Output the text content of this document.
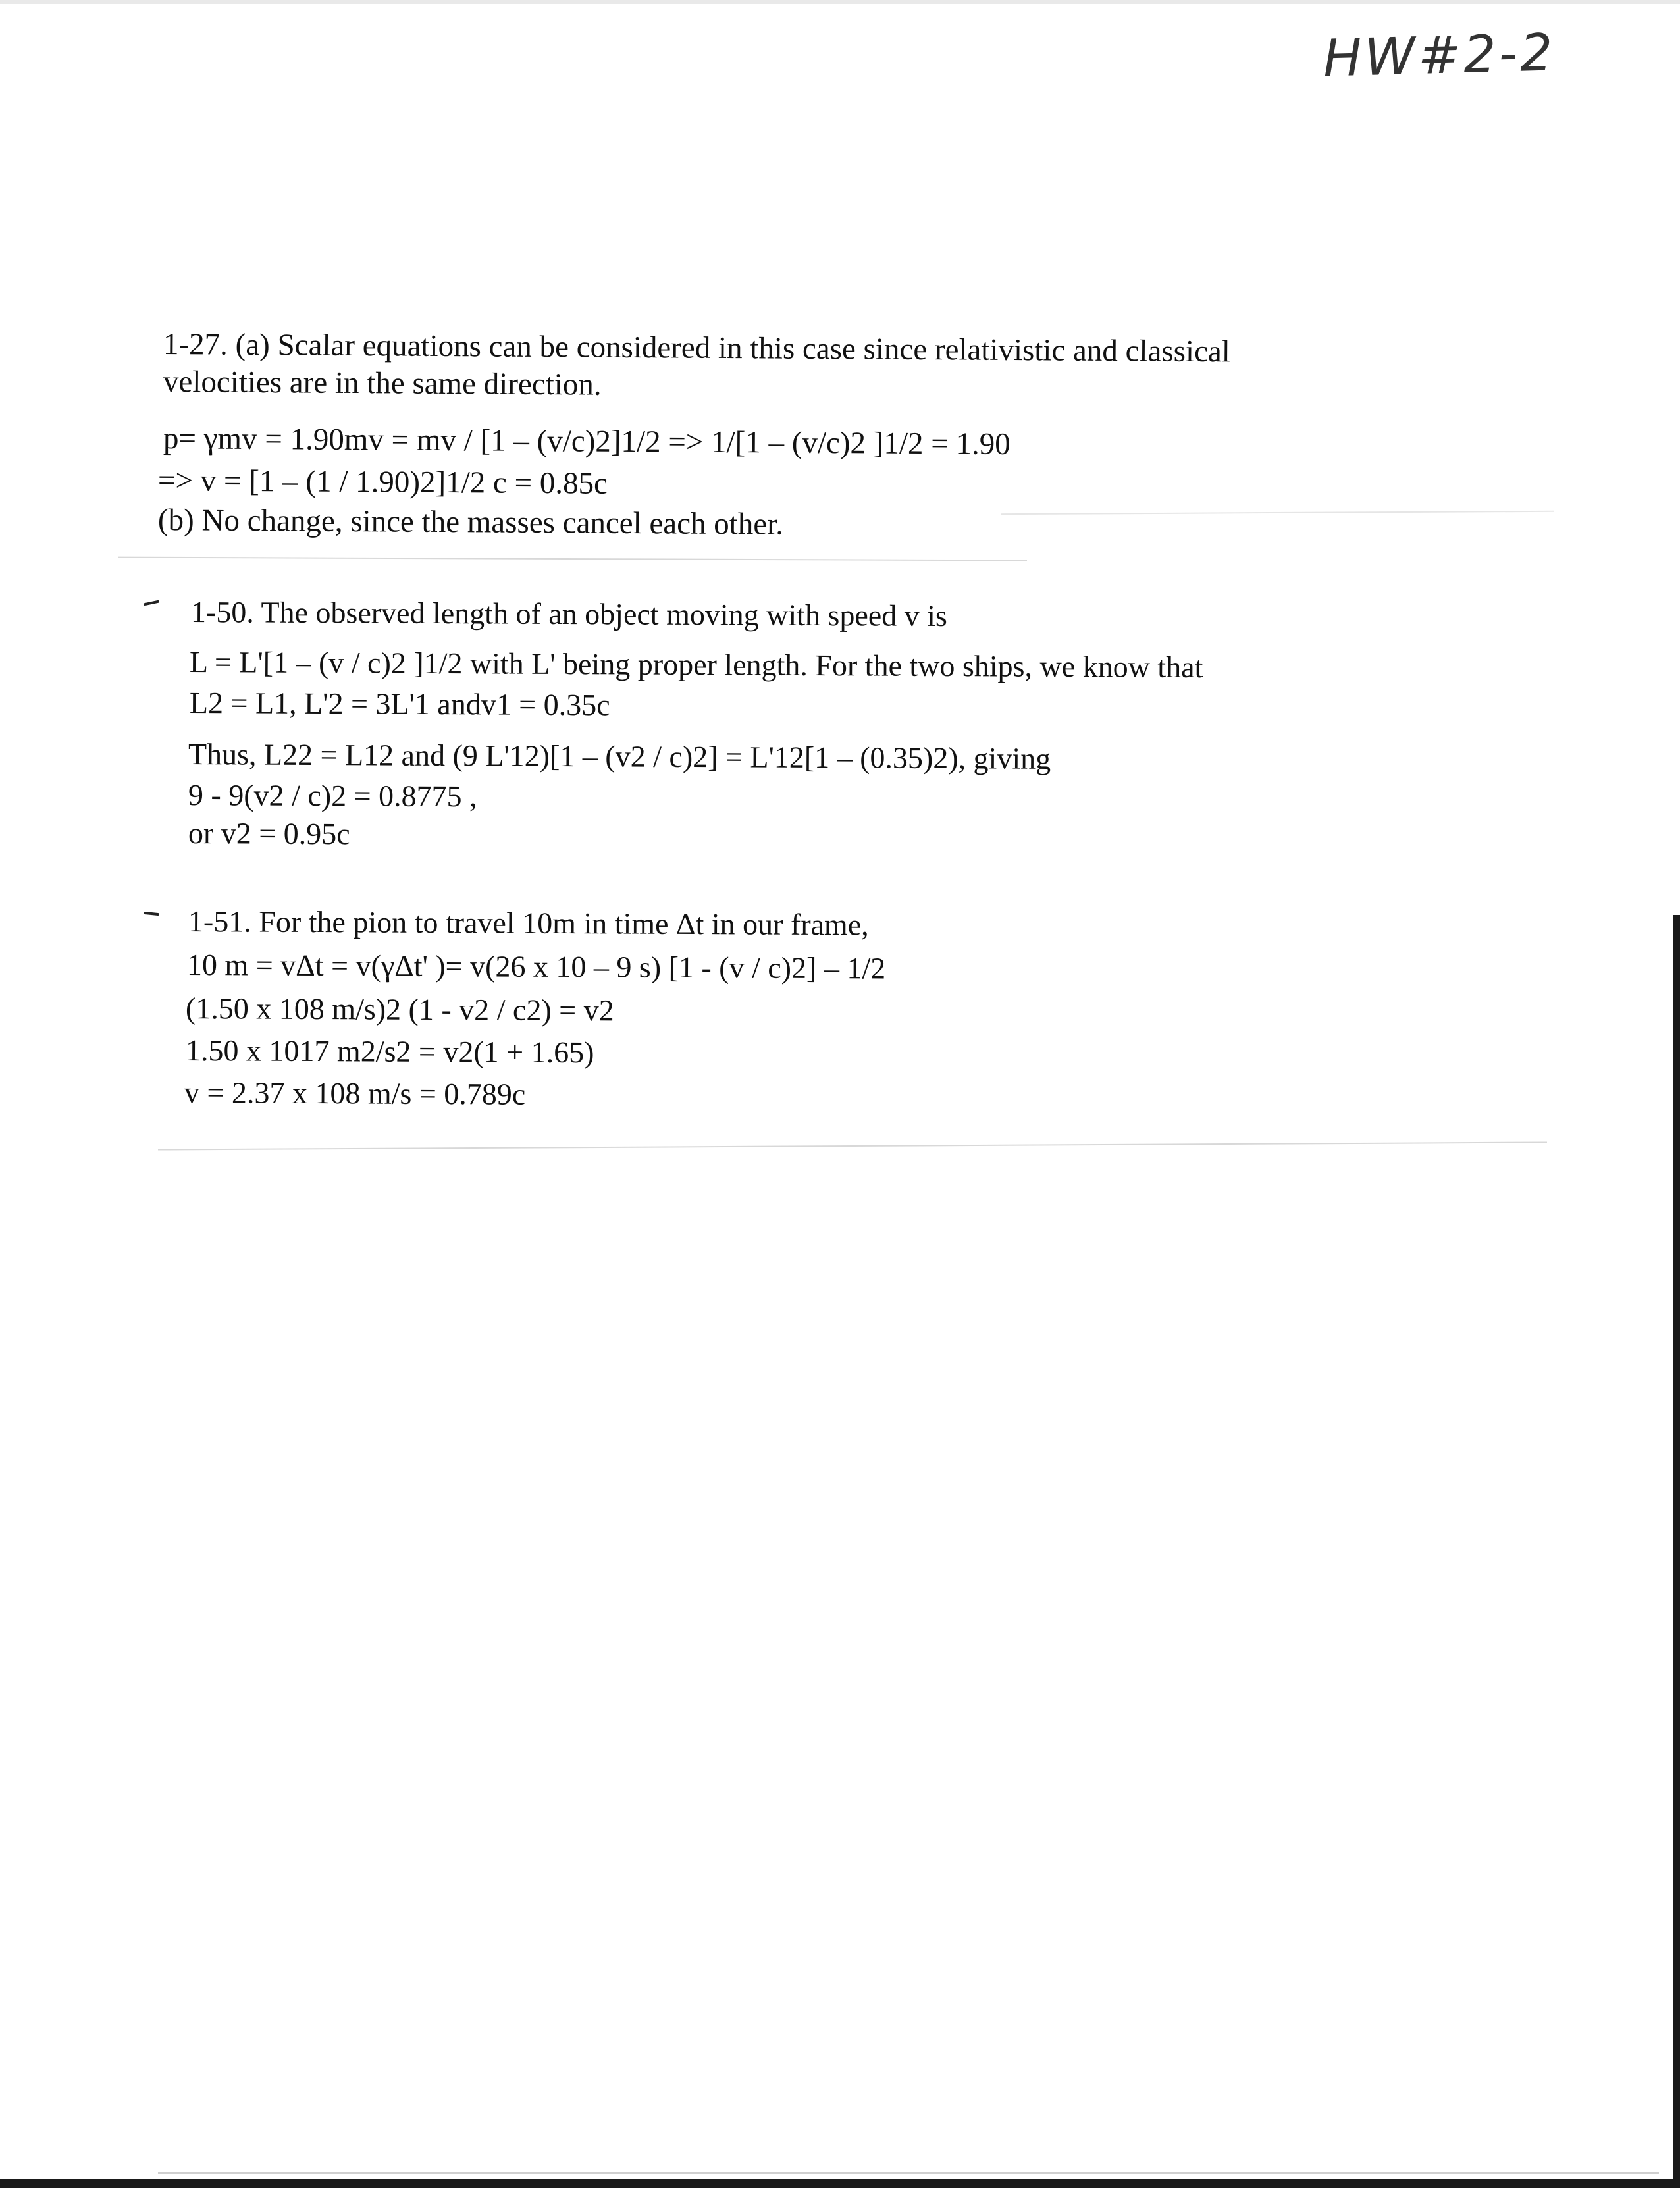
HW#2-2
1-27. (a) Scalar equations can be considered in this case since relativistic and classical
velocities are in the same direction.
p= γmv = 1.90mv = mv / [1 – (v/c)2]1/2 => 1/[1 – (v/c)2 ]1/2 = 1.90
=> v = [1 – (1 / 1.90)2]1/2 c = 0.85c
(b) No change, since the masses cancel each other.
1-50. The observed length of an object moving with speed v is
L = L'[1 – (v / c)2 ]1/2 with L' being proper length. For the two ships, we know that
L2 = L1, L'2 = 3L'1 andv1 = 0.35c
Thus, L22 = L12 and (9 L'12)[1 – (v2 / c)2] = L'12[1 – (0.35)2), giving
9 - 9(v2 / c)2 = 0.8775 ,
or v2 = 0.95c
1-51. For the pion to travel 10m in time Δt in our frame,
10 m = vΔt = v(γΔt' )= v(26 x 10 – 9 s) [1 - (v / c)2] – 1/2
(1.50 x 108 m/s)2 (1 - v2 / c2) = v2
1.50 x 1017 m2/s2 = v2(1 + 1.65)
v = 2.37 x 108 m/s = 0.789c
